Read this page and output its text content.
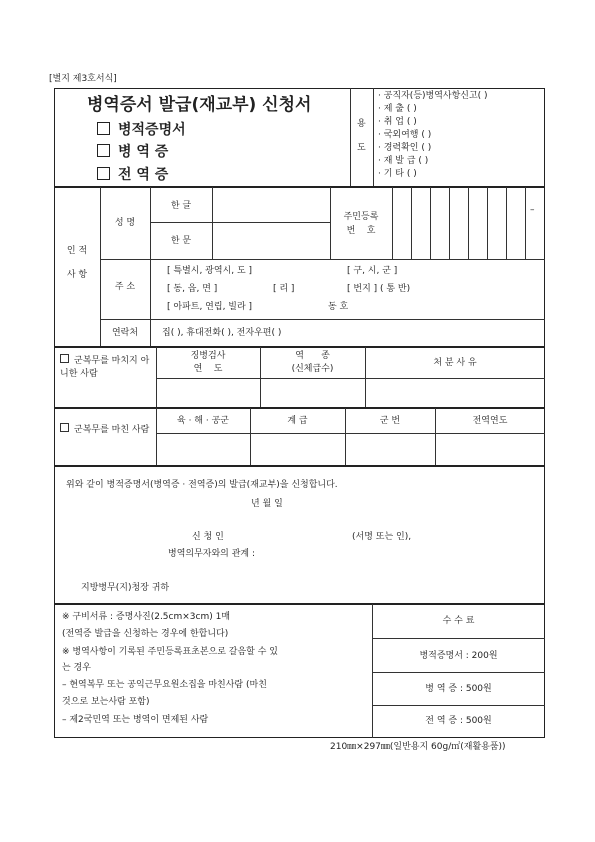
[별지 제3호서식]
병역증서 발급(재교부) 신청서
병적증명서
병 역 증
전 역 증
용

도
· 공직자(등)병역사항신고( )
· 제 출 ( )
· 취 업 ( )
· 국외여행 ( )
· 경력확인 ( )
· 재 발 급 ( )
· 기 타 ( )
인 적

사 항
성 명
한 글
한 문
주민등록
번    호
–
주 소
[ 특별시, 광역시, 도 ]	[ 구, 시, 군 ]
[ 동, 읍, 면 ]	[ 리 ]	[ 번지 ] ( 통 반)
[ 아파트, 연립, 빌라 ]	동 호
연락처	집( ), 휴대전화( ), 전자우편( )
군복무를 마치지 아니한 사람
징병검사
연    도
역      종
(신체급수)
처 분 사 유
군복무를 마친 사람
육 · 해 · 공군	계 급	군 번	전역연도
위와 같이 병적증명서(병역증 · 전역증)의 발급(재교부)을 신청합니다.
년 월 일
신 청 인	(서명 또는 인),
병역의무자와의 관계 :
지방병무(지)청장 귀하
※ 구비서류 : 증명사진(2.5cm×3cm) 1매
(전역증 발급을 신청하는 경우에 한합니다)
※ 병역사항이 기록된 주민등록표초본으로 갈음할 수 있
는 경우
– 현역복무 또는 공익근무요원소집을 마친사람 (마친
것으로 보는사람 포함)
– 제2국민역 또는 병역이 면제된 사람
수 수 료
병적증명서 : 200원
병 역 증 : 500원
전 역 증 : 500원
210㎜×297㎜(일반용지 60g/㎡(재활용품))
